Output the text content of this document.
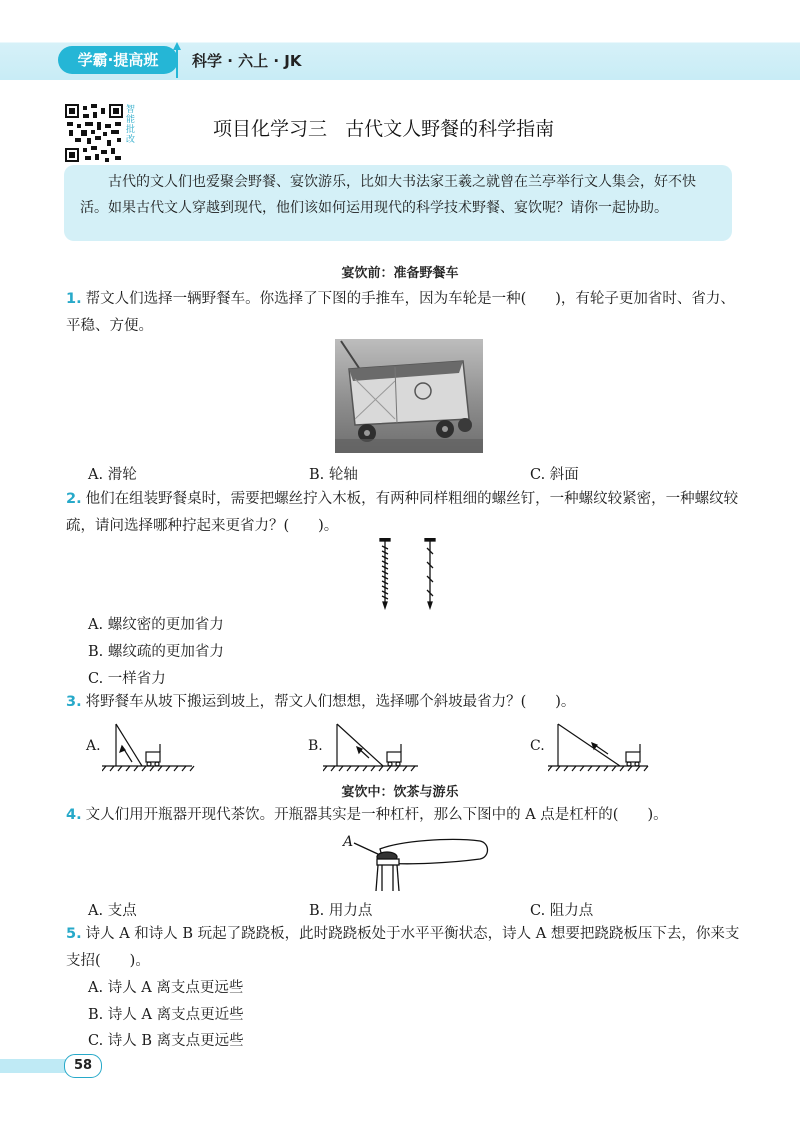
学霸·提高班	科学 · 六上 · JK
智能批改	项目化学习三   古代文人野餐的科学指南
古代的文人们也爱聚会野餐、宴饮游乐，比如大书法家王羲之就曾在兰亭举行文人集会，好不快活。如果古代文人穿越到现代，他们该如何运用现代的科学技术野餐、宴饮呢？请你一起协助。
宴饮前：准备野餐车
1. 帮文人们选择一辆野餐车。你选择了下图的手推车，因为车轮是一种(　　)，有轮子更加省时、省力、平稳、方便。
A. 滑轮	B. 轮轴	C. 斜面
2. 他们在组装野餐桌时，需要把螺丝拧入木板，有两种同样粗细的螺丝钉，一种螺纹较紧密，一种螺纹较疏，请问选择哪种拧起来更省力？(　　)。
A. 螺纹密的更加省力
B. 螺纹疏的更加省力
C. 一样省力
3. 将野餐车从坡下搬运到坡上，帮文人们想想，选择哪个斜坡最省力？(　　)。
A.	B.	C.
宴饮中：饮茶与游乐
4. 文人们用开瓶器开现代茶饮。开瓶器其实是一种杠杆，那么下图中的 A 点是杠杆的(　　)。
A
A. 支点	B. 用力点	C. 阻力点
5. 诗人 A 和诗人 B 玩起了跷跷板，此时跷跷板处于水平平衡状态，诗人 A 想要把跷跷板压下去，你来支支招(　　)。
A. 诗人 A 离支点更远些
B. 诗人 A 离支点更近些
C. 诗人 B 离支点更远些
58
